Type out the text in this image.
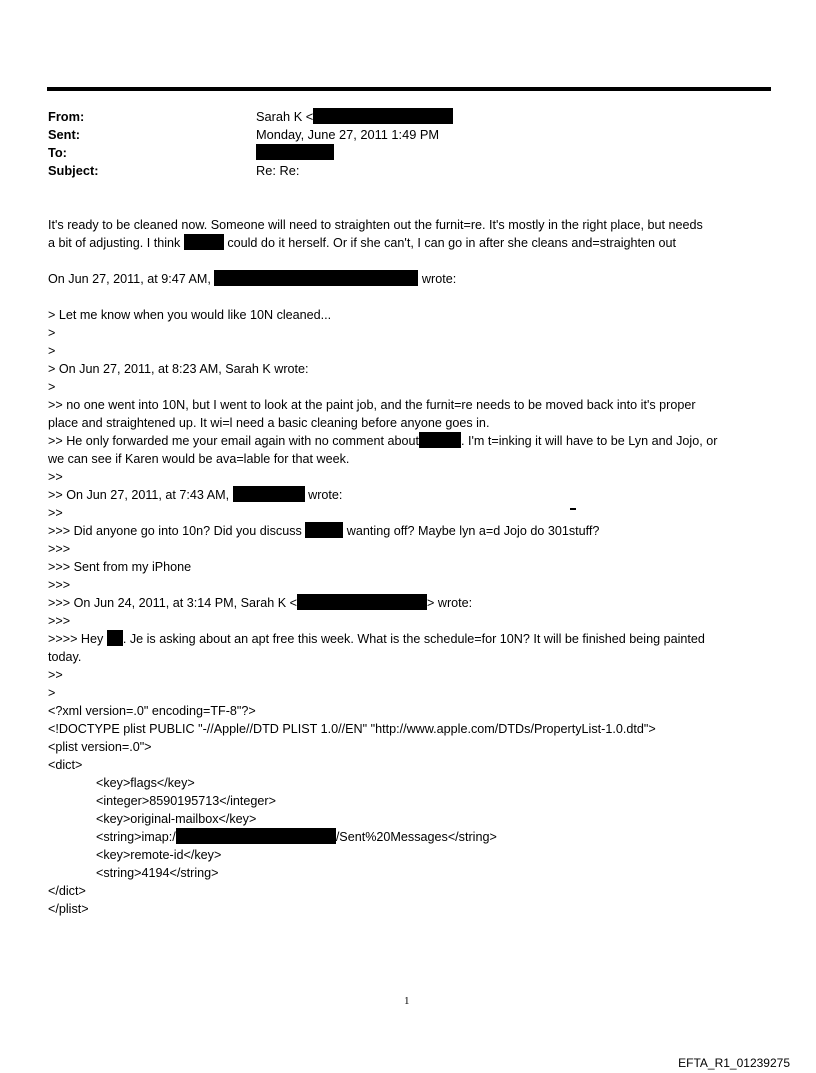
From:	Sarah K <
Sent:	Monday, June 27, 2011 1:49 PM
To:
Subject:	Re: Re:
It's ready to be cleaned now. Someone will need to straighten out the furnit=re. It's mostly in the right place, but needs
a bit of adjusting. I think	could do it herself. Or if she can't, I can go in after she cleans and=straighten out
On Jun 27, 2011, at 9:47 AM,	wrote:
> Let me know when you would like 10N cleaned...
>
>
> On Jun 27, 2011, at 8:23 AM, Sarah K wrote:
>
>> no one went into 10N, but I went to look at the paint job, and the furnit=re needs to be moved back into it's proper
place and straightened up. It wi=l need a basic cleaning before anyone goes in.
>> He only forwarded me your email again with no comment about	. I'm t=inking it will have to be Lyn and Jojo, or
we can see if Karen would be ava=lable for that week.
>>
>> On Jun 27, 2011, at 7:43 AM,	wrote:
>>
>>> Did anyone go into 10n? Did you discuss	wanting off? Maybe lyn a=d Jojo do 301stuff?
>>>
>>> Sent from my iPhone
>>>
>>> On Jun 24, 2011, at 3:14 PM, Sarah K <	> wrote:
>>>
>>>> Hey . Je is asking about an apt free this week. What is the schedule=for 10N? It will be finished being painted
today.
>>
>
<?xml version=.0" encoding=TF-8"?>
<!DOCTYPE plist PUBLIC "-//Apple//DTD PLIST 1.0//EN" "http://www.apple.com/DTDs/PropertyList-1.0.dtd">
<plist version=.0">
<dict>
<key>flags</key>
<integer>8590195713</integer>
<key>original-mailbox</key>
<string>imap:/	/Sent%20Messages</string>
<key>remote-id</key>
<string>4194</string>
</dict>
</plist>
1
EFTA_R1_01239275
